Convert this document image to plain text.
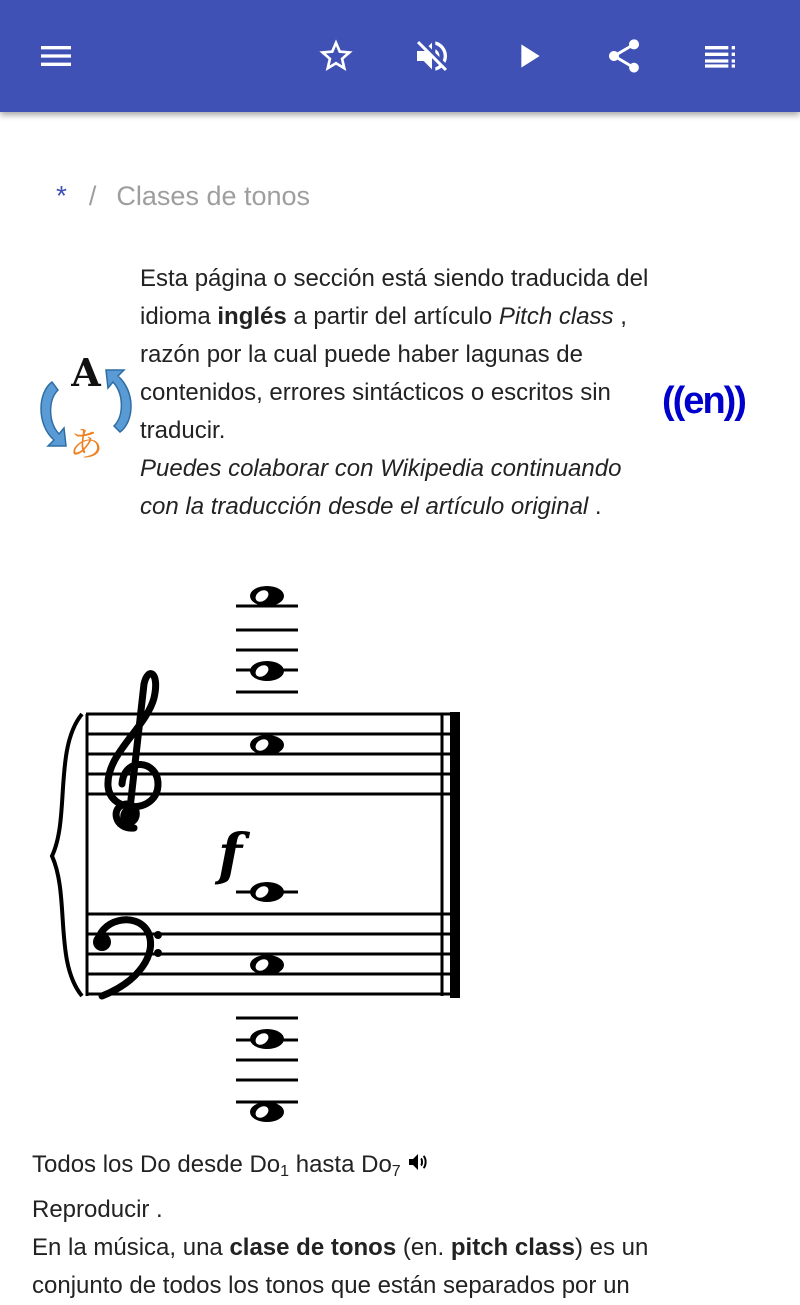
* / Clases de tonos
A
あ

Esta página o sección está siendo traducida del idioma inglés a partir del artículo Pitch class , razón por la cual puede haber lagunas de contenidos, errores sintácticos o escritos sin traducir.

Puedes colaborar con Wikipedia continuando con la traducción desde el artículo original .

((en))
f

Todos los Do desde $Do_1$ hasta $Do_7$

Reproducir .

En la música, una clase de tonos (en. pitch class) es un

conjunto de todos los tonos que están separados por un
